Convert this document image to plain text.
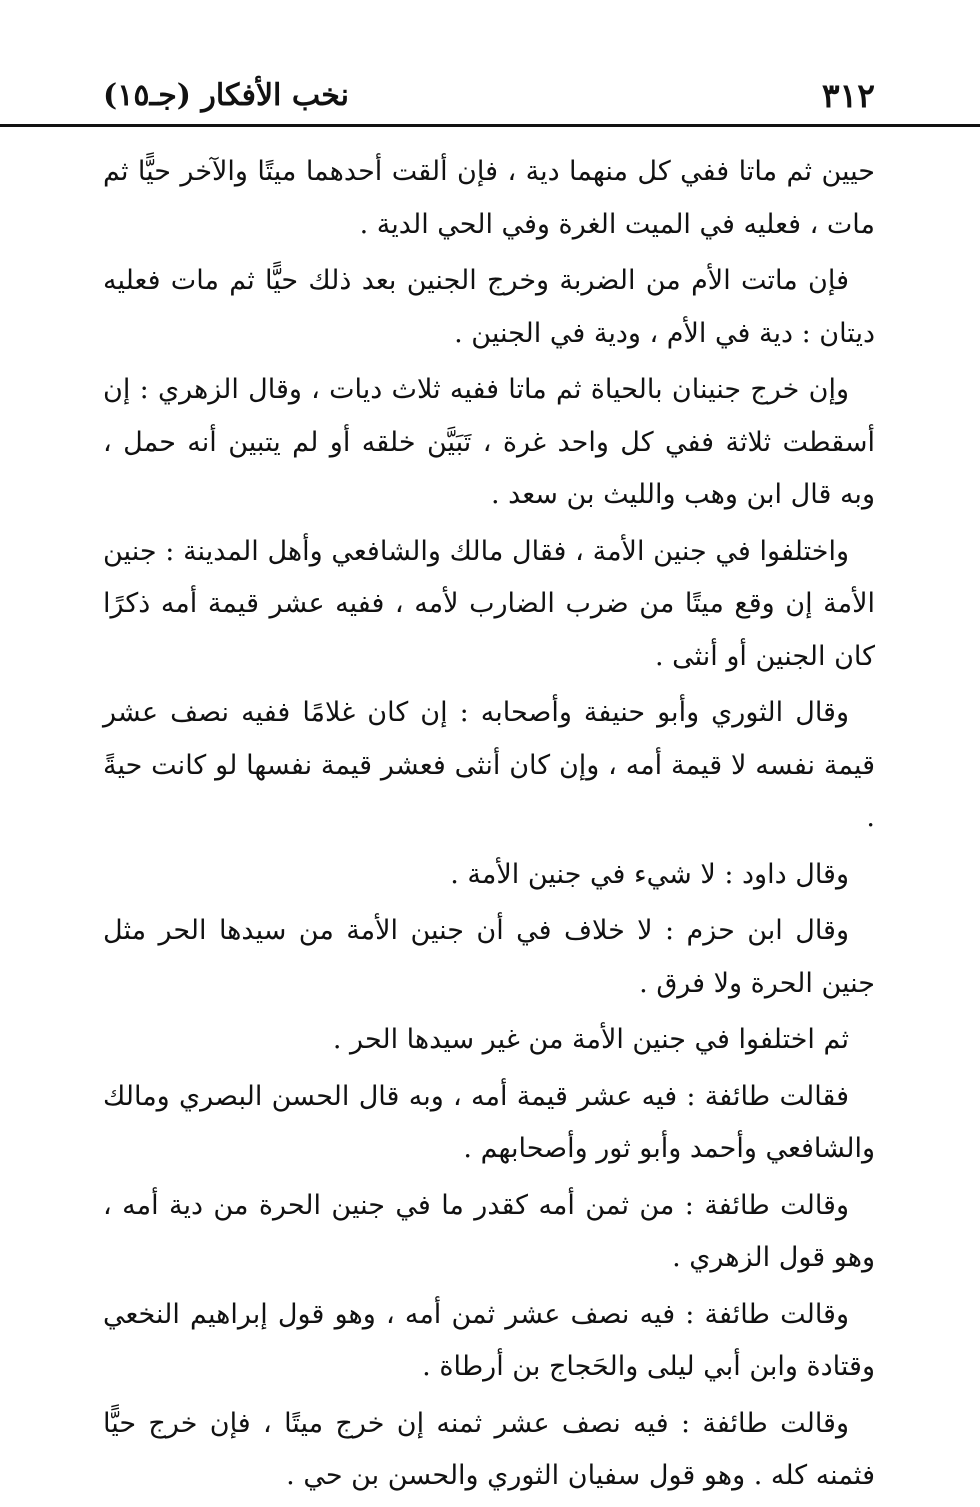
٣١٢
نخب الأفكار (جـ١٥)

حيين ثم ماتا ففي كل منهما دية ، فإن ألقت أحدهما ميتًا والآخر حيًّا ثم مات ، فعليه في الميت الغرة وفي الحي الدية .

فإن ماتت الأم من الضربة وخرج الجنين بعد ذلك حيًّا ثم مات فعليه ديتان : دية في الأم ، ودية في الجنين .

وإن خرج جنينان بالحياة ثم ماتا ففيه ثلاث ديات ، وقال الزهري : إن أسقطت ثلاثة ففي كل واحد غرة ، تَبَيَّن خلقه أو لم يتبين أنه حمل ، وبه قال ابن وهب والليث بن سعد .

واختلفوا في جنين الأمة ، فقال مالك والشافعي وأهل المدينة : جنين الأمة إن وقع ميتًا من ضرب الضارب لأمه ، ففيه عشر قيمة أمه ذكرًا كان الجنين أو أنثى .

وقال الثوري وأبو حنيفة وأصحابه : إن كان غلامًا ففيه نصف عشر قيمة نفسه لا قيمة أمه ، وإن كان أنثى فعشر قيمة نفسها لو كانت حيةً .

وقال داود : لا شيء في جنين الأمة .

وقال ابن حزم : لا خلاف في أن جنين الأمة من سيدها الحر مثل جنين الحرة ولا فرق .

ثم اختلفوا في جنين الأمة من غير سيدها الحر .

فقالت طائفة : فيه عشر قيمة أمه ، وبه قال الحسن البصري ومالك والشافعي وأحمد وأبو ثور وأصحابهم .

وقالت طائفة : من ثمن أمه كقدر ما في جنين الحرة من دية أمه ، وهو قول الزهري .

وقالت طائفة : فيه نصف عشر ثمن أمه ، وهو قول إبراهيم النخعي وقتادة وابن أبي ليلى والحَجاج بن أرطاة .

وقالت طائفة : فيه نصف عشر ثمنه إن خرج ميتًا ، فإن خرج حيًّا فثمنه كله . وهو قول سفيان الثوري والحسن بن حي .
